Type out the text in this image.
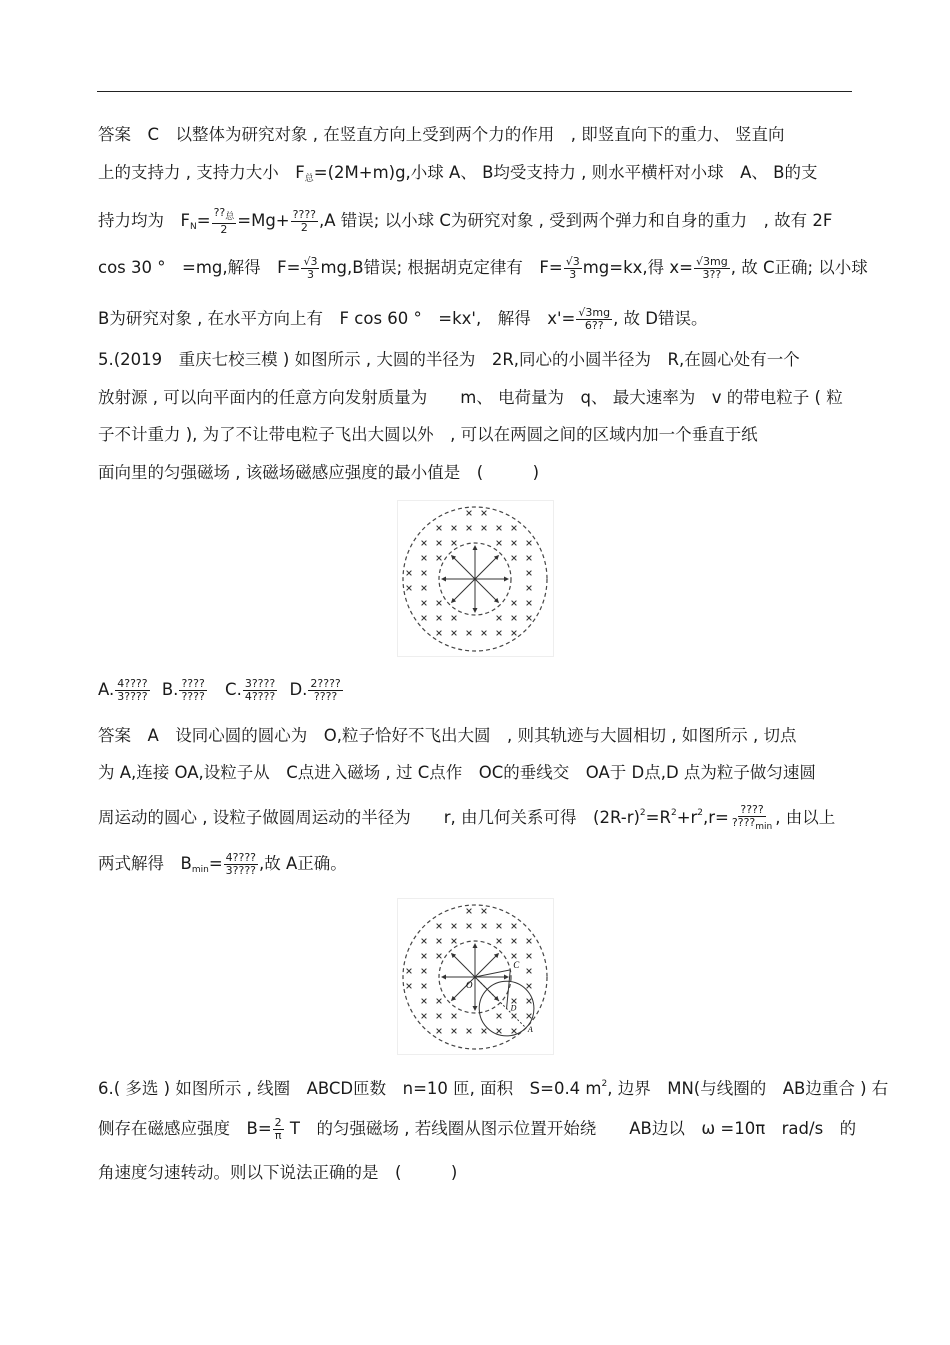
答案　C　以整体为研究对象 , 在竖直方向上受到两个力的作用　, 即竖直向下的重力、 竖直向
上的支持力 , 支持力大小　$F_总=(2M+m)g$,小球 A、 B均受支持力 , 则水平横杆对小球　A、 B的支
持力均为　$F_N= \frac{??_总}{2} =Mg+ \frac{????}{2} ,A$ 错误; 以小球 C为研究对象 , 受到两个弹力和自身的重力　, 故有 2F
cos 30 °　=mg,解得　$F= \frac{√3}{3} mg,B$错误; 根据胡克定律有　$F= \frac{√3}{3} mg=kx$,得 $x= \frac{√3mg}{3??}$ , 故 C正确; 以小球
B为研究对象 , 在水平方向上有　F cos 60 °　=kx',　解得　$x'= \frac{√3mg}{6??}$ , 故 D错误。
5.(2019　重庆七校三模 ) 如图所示 , 大圆的半径为　2R,同心的小圆半径为　R,在圆心处有一个
放射源 , 可以向平面内的任意方向发射质量为　　m、 电荷量为　q、 最大速率为　v 的带电粒子 ( 粒
子不计重力 ), 为了不让带电粒子飞出大圆以外　, 可以在两圆之间的区域内加一个垂直于纸
面向里的匀强磁场 , 该磁场磁感应强度的最小值是　(　　　)
A. $\frac{4????}{3????} B$. $\frac{????}{????} C$. $\frac{3????}{4????} D$. $\frac{2????}{????}$
答案　A　设同心圆的圆心为　O,粒子恰好不飞出大圆　, 则其轨迹与大圆相切 , 如图所示 , 切点
为 A,连接 OA,设粒子从　C点进入磁场 , 过 C点作　OC的垂线交　OA于 D点,D 点为粒子做匀速圆
周运动的圆心 , 设粒子做圆周运动的半径为　　r, 由几何关系可得　$(2R-r)^2=R^2+r^2,r= \frac{????}{????_{min}}$ , 由以上
两式解得　$B_{min}= \frac{4????}{3????}$ ,故 A正确。
O
C
D
A
6.( 多选 ) 如图所示 , 线圈　ABCD匝数　n=10 匝, 面积　S=0.4 $m^2$, 边界　MN(与线圈的　AB边重合 ) 右
侧存在磁感应强度　$B= \frac{2}{\pi}$ T　的匀强磁场 , 若线圈从图示位置开始绕　　AB边以　ω =10π　rad/s　的
角速度匀速转动。则以下说法正确的是　(　　　)
